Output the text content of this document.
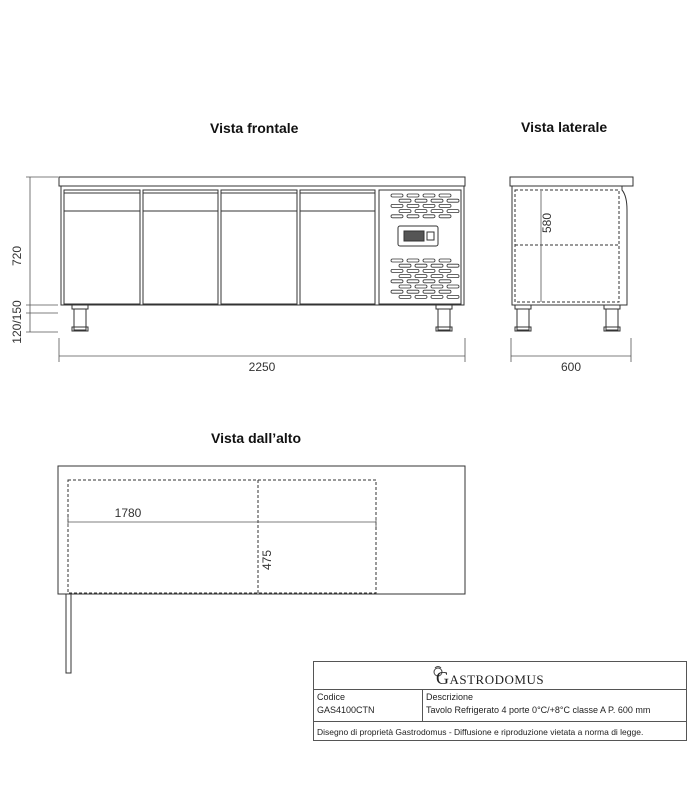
Vista frontale	Vista laterale
Vista dall’alto
720
120/150
2250
580
600
1780
475
GASTRODOMUS
Codice
GAS4100CTN
Descrizione
Tavolo Refrigerato 4 porte 0°C/+8°C classe A P. 600 mm
Disegno di proprietà Gastrodomus - Diffusione e riproduzione vietata a norma di legge.
